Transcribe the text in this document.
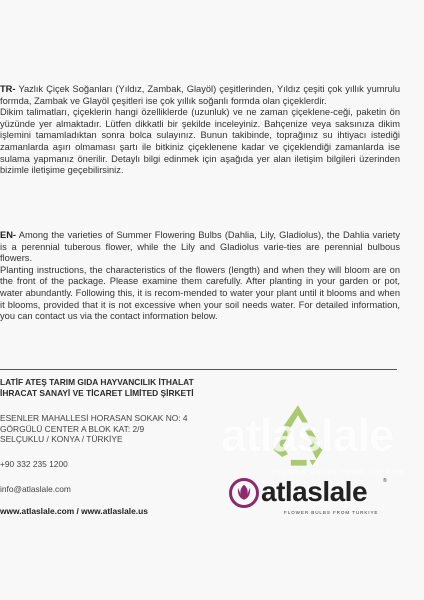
TR- Yazlık Çiçek Soğanları (Yıldız, Zambak, Glayöl) çeşitlerinden, Yıldız çeşiti çok yıllık yumrulu formda, Zambak ve Glayöl çeşitleri ise çok yıllık soğanlı formda olan çiçeklerdir.

Dikim talimatları, çiçeklerin hangi özelliklerde (uzunluk) ve ne zaman çiçeklene-ceği, paketin ön yüzünde yer almaktadır. Lütfen dikkatli bir şekilde inceleyiniz. Bahçenize veya saksınıza dikim işlemini tamamladıktan sonra bolca sulayınız. Bunun takibinde, toprağınız su ihtiyacı istediği zamanlarda aşırı olmaması şartı ile bitkiniz çiçeklenene kadar ve çiçeklendiği zamanlarda ise sulama yapmanız önerilir. Detaylı bilgi edinmek için aşağıda yer alan iletişim bilgileri üzerinden bizimle iletişime geçebilirsiniz.

EN- Among the varieties of Summer Flowering Bulbs (Dahlia, Lily, Gladiolus), the Dahlia variety is a perennial tuberous flower, while the Lily and Gladiolus varie-ties are perennial bulbous flowers.

Planting instructions, the characteristics of the flowers (length) and when they will bloom are on the front of the package. Please examine them carefully. After planting in your garden or pot, water abundantly. Following this, it is recom-mended to water your plant until it blooms and when it blooms, provided that it is not excessive when your soil needs water. For detailed information, you can contact us via the contact information below.

atlaslale
FLOWER BULBS FROM TURKIYE
LATİF ATEŞ TARIM GIDA HAYVANCILIK İTHALAT
İHRACAT SANAYİ VE TİCARET LİMİTED ŞİRKETİ
ESENLER MAHALLESİ HORASAN SOKAK NO: 4
GÖRGÜLÜ CENTER A BLOK KAT: 2/9
SELÇUKLU / KONYA / TÜRKİYE
+90 332 235 1200
info@atlaslale.com
www.atlaslale.com / www.atlaslale.us
atlaslale	®
FLOWER BULBS FROM TURKIYE
